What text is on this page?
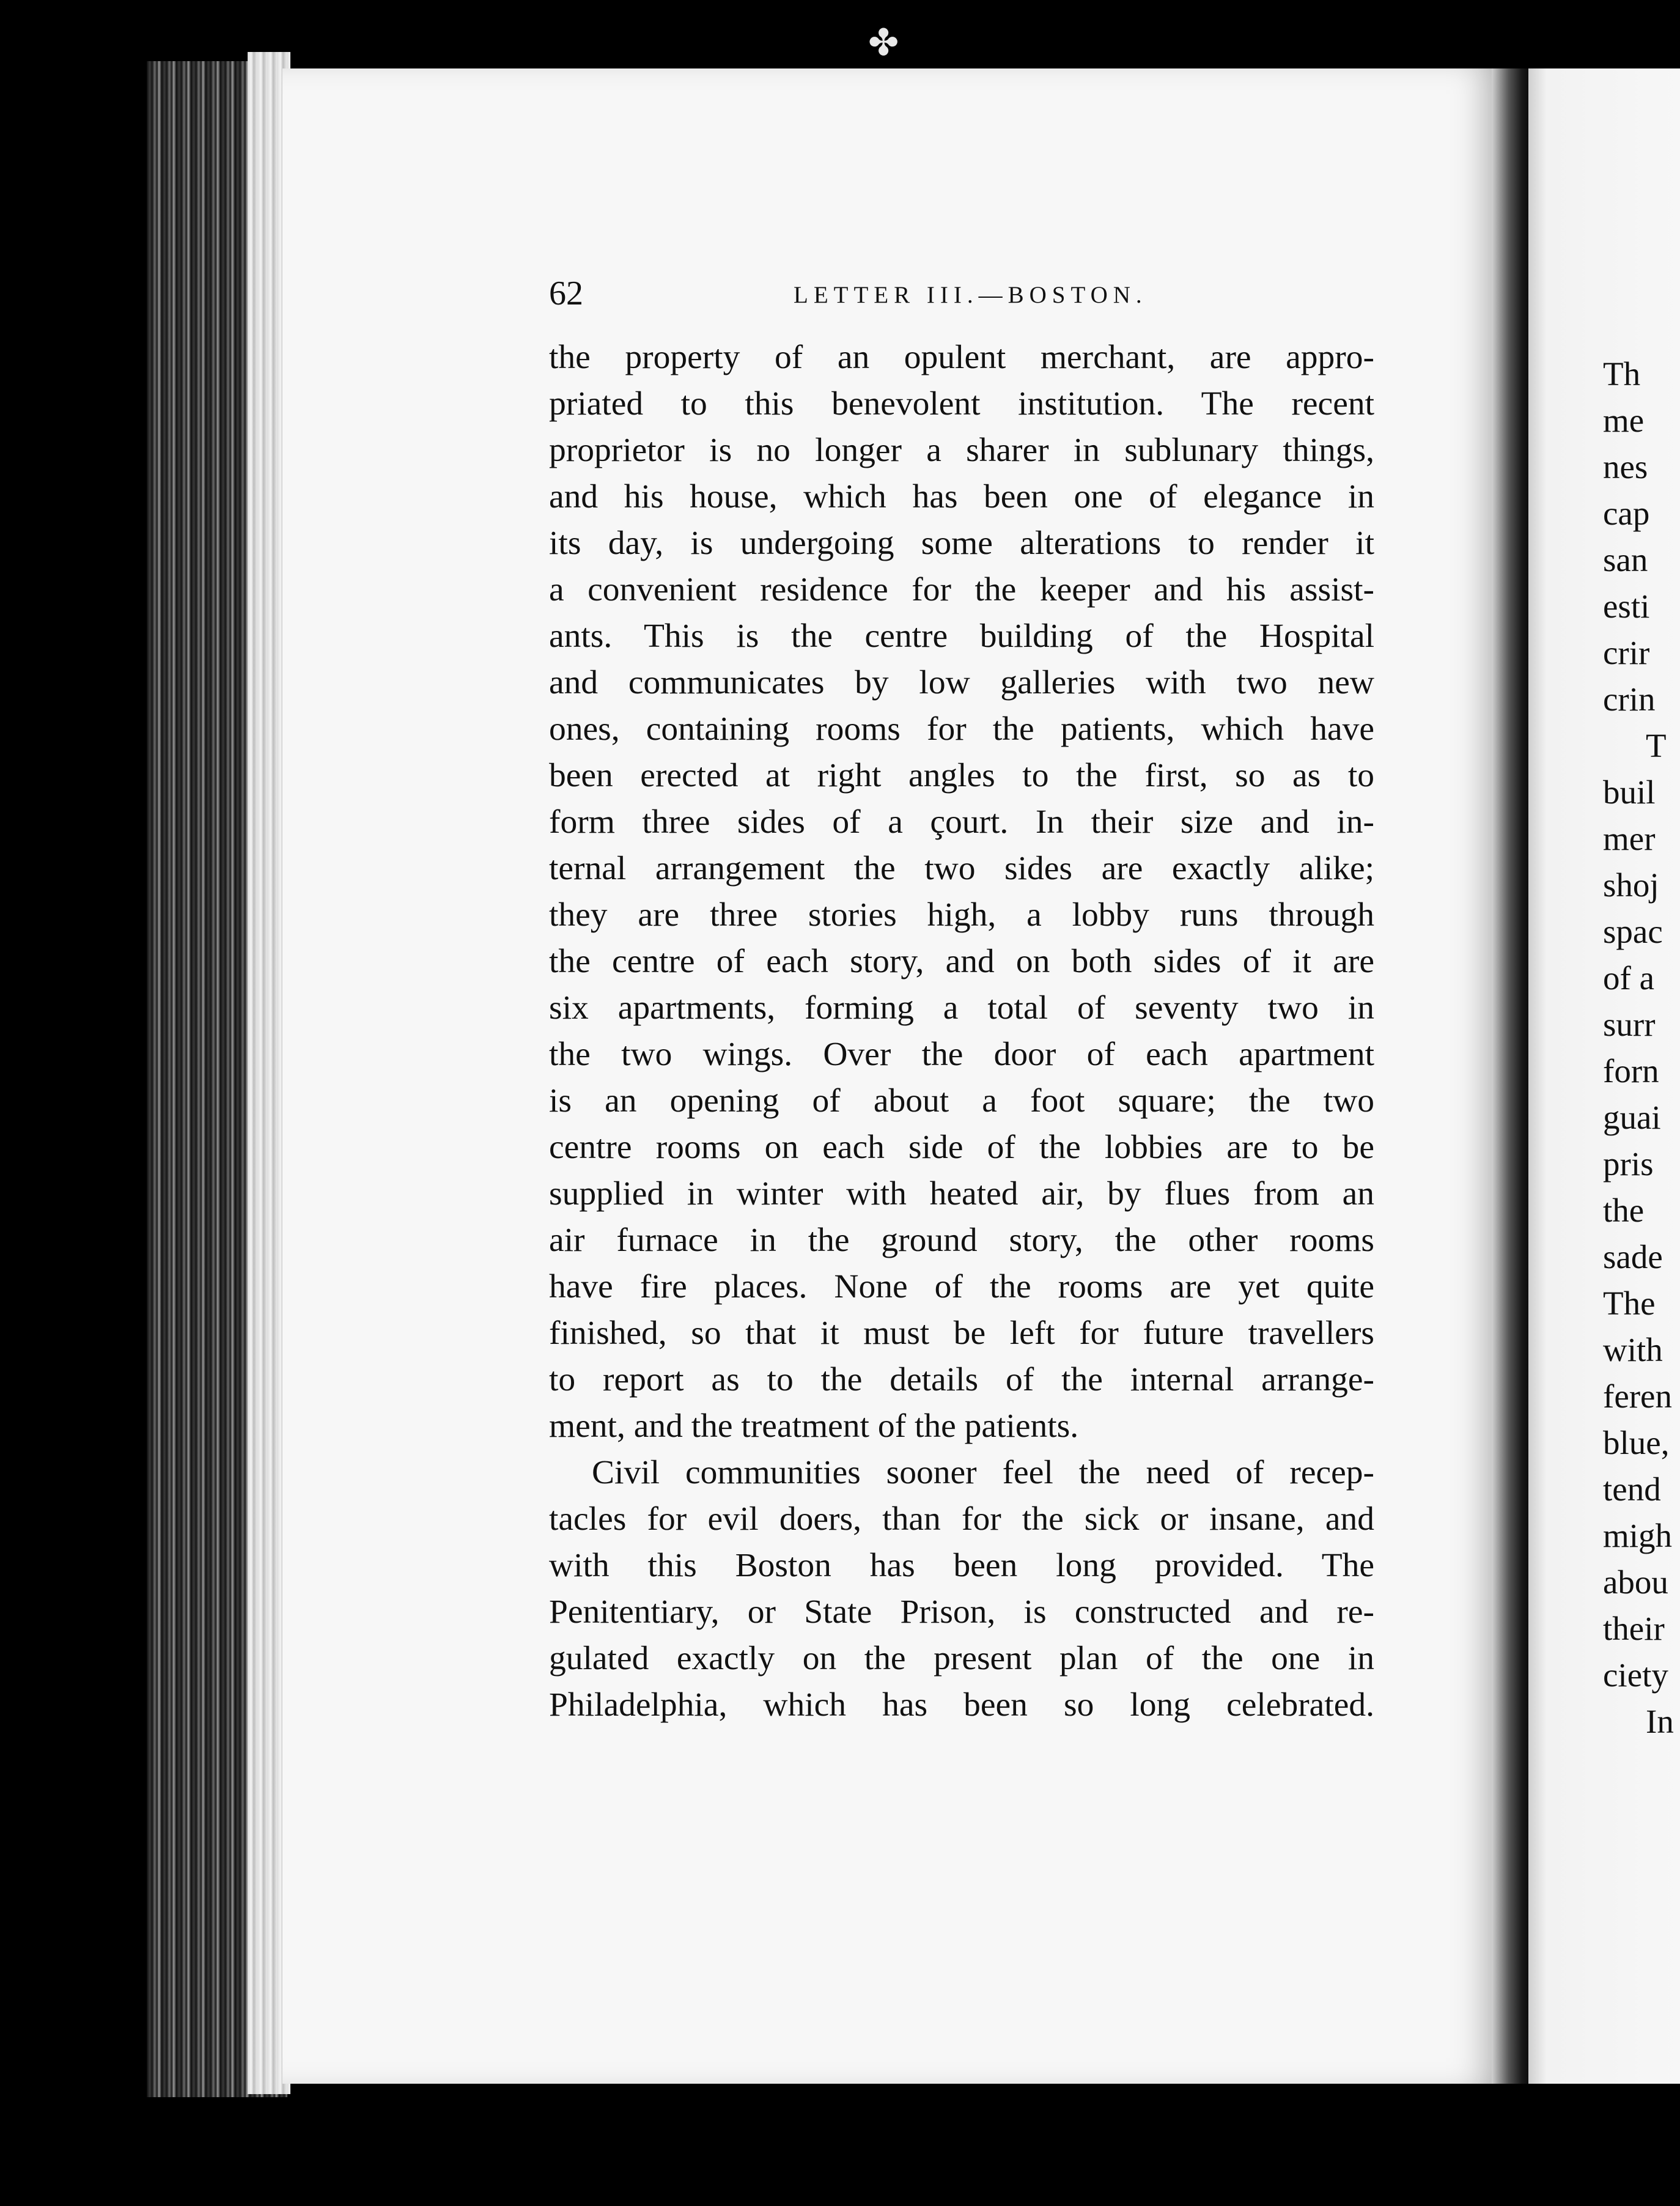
✤
62	LETTER III.—BOSTON.
the property of an opulent merchant, are appro-
priated to this benevolent institution. The recent
proprietor is no longer a sharer in sublunary things,
and his house, which has been one of elegance in
its day, is undergoing some alterations to render it
a convenient residence for the keeper and his assist-
ants. This is the centre building of the Hospital
and communicates by low galleries with two new
ones, containing rooms for the patients, which have
been erected at right angles to the first, so as to
form three sides of a çourt. In their size and in-
ternal arrangement the two sides are exactly alike;
they are three stories high, a lobby runs through
the centre of each story, and on both sides of it are
six apartments, forming a total of seventy two in
the two wings. Over the door of each apartment
is an opening of about a foot square; the two
centre rooms on each side of the lobbies are to be
supplied in winter with heated air, by flues from an
air furnace in the ground story, the other rooms
have fire places. None of the rooms are yet quite
finished, so that it must be left for future travellers
to report as to the details of the internal arrange-
ment, and the treatment of the patients.
Civil communities sooner feel the need of recep-
tacles for evil doers, than for the sick or insane, and
with this Boston has been long provided. The
Penitentiary, or State Prison, is constructed and re-
gulated exactly on the present plan of the one in
Philadelphia, which has been so long celebrated.
Th
me
nes
cap
san
esti
crir
crin
T
buil
mer
shoj
spac
of a
surr
forn
guai
pris
the
sade
The
with
feren
blue,
tend
migh
abou
their
ciety
In
